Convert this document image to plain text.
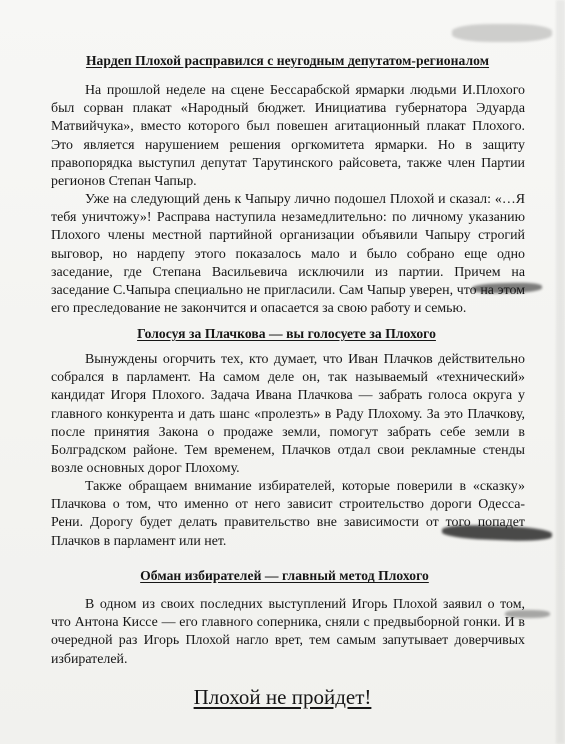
Нардеп Плохой расправился с неугодным депутатом-регионалом

На прошлой неделе на сцене Бессарабской ярмарки людьми И.Плохого был сорван плакат «Народный бюджет. Инициатива губернатора Эдуарда Матвийчука», вместо которого был повешен агитационный плакат Плохого. Это является нарушением решения оргкомитета ярмарки. Но в защиту правопорядка выступил депутат Тарутинского райсовета, также член Партии регионов Степан Чапыр.

Уже на следующий день к Чапыру лично подошел Плохой и сказал: «…Я тебя уничтожу»! Расправа наступила незамедлительно: по личному указанию Плохого члены местной партийной организации объявили Чапыру строгий выговор, но нардепу этого показалось мало и было собрано еще одно заседание, где Степана Васильевича исключили из партии. Причем на заседание С.Чапыра специально не пригласили. Сам Чапыр уверен, что на этом его преследование не закончится и опасается за свою работу и семью.

Голосуя за Плачкова — вы голосуете за Плохого

Вынуждены огорчить тех, кто думает, что Иван Плачков действительно собрался в парламент. На самом деле он, так называемый «технический» кандидат Игоря Плохого. Задача Ивана Плачкова — забрать голоса округа у главного конкурента и дать шанс «пролезть» в Раду Плохому. За это Плачкову, после принятия Закона о продаже земли, помогут забрать себе земли в Болградском районе. Тем временем, Плачков отдал свои рекламные стенды возле основных дорог Плохому.

Также обращаем внимание избирателей, которые поверили в «сказку» Плачкова о том, что именно от него зависит строительство дороги Одесса-Рени. Дорогу будет делать правительство вне зависимости от того попадет Плачков в парламент или нет.

Обман избирателей — главный метод Плохого

В одном из своих последних выступлений Игорь Плохой заявил о том, что Антона Киссе — его главного соперника, сняли с предвыборной гонки. И в очередной раз Игорь Плохой нагло врет, тем самым запутывает доверчивых избирателей.

Плохой не пройдет!
